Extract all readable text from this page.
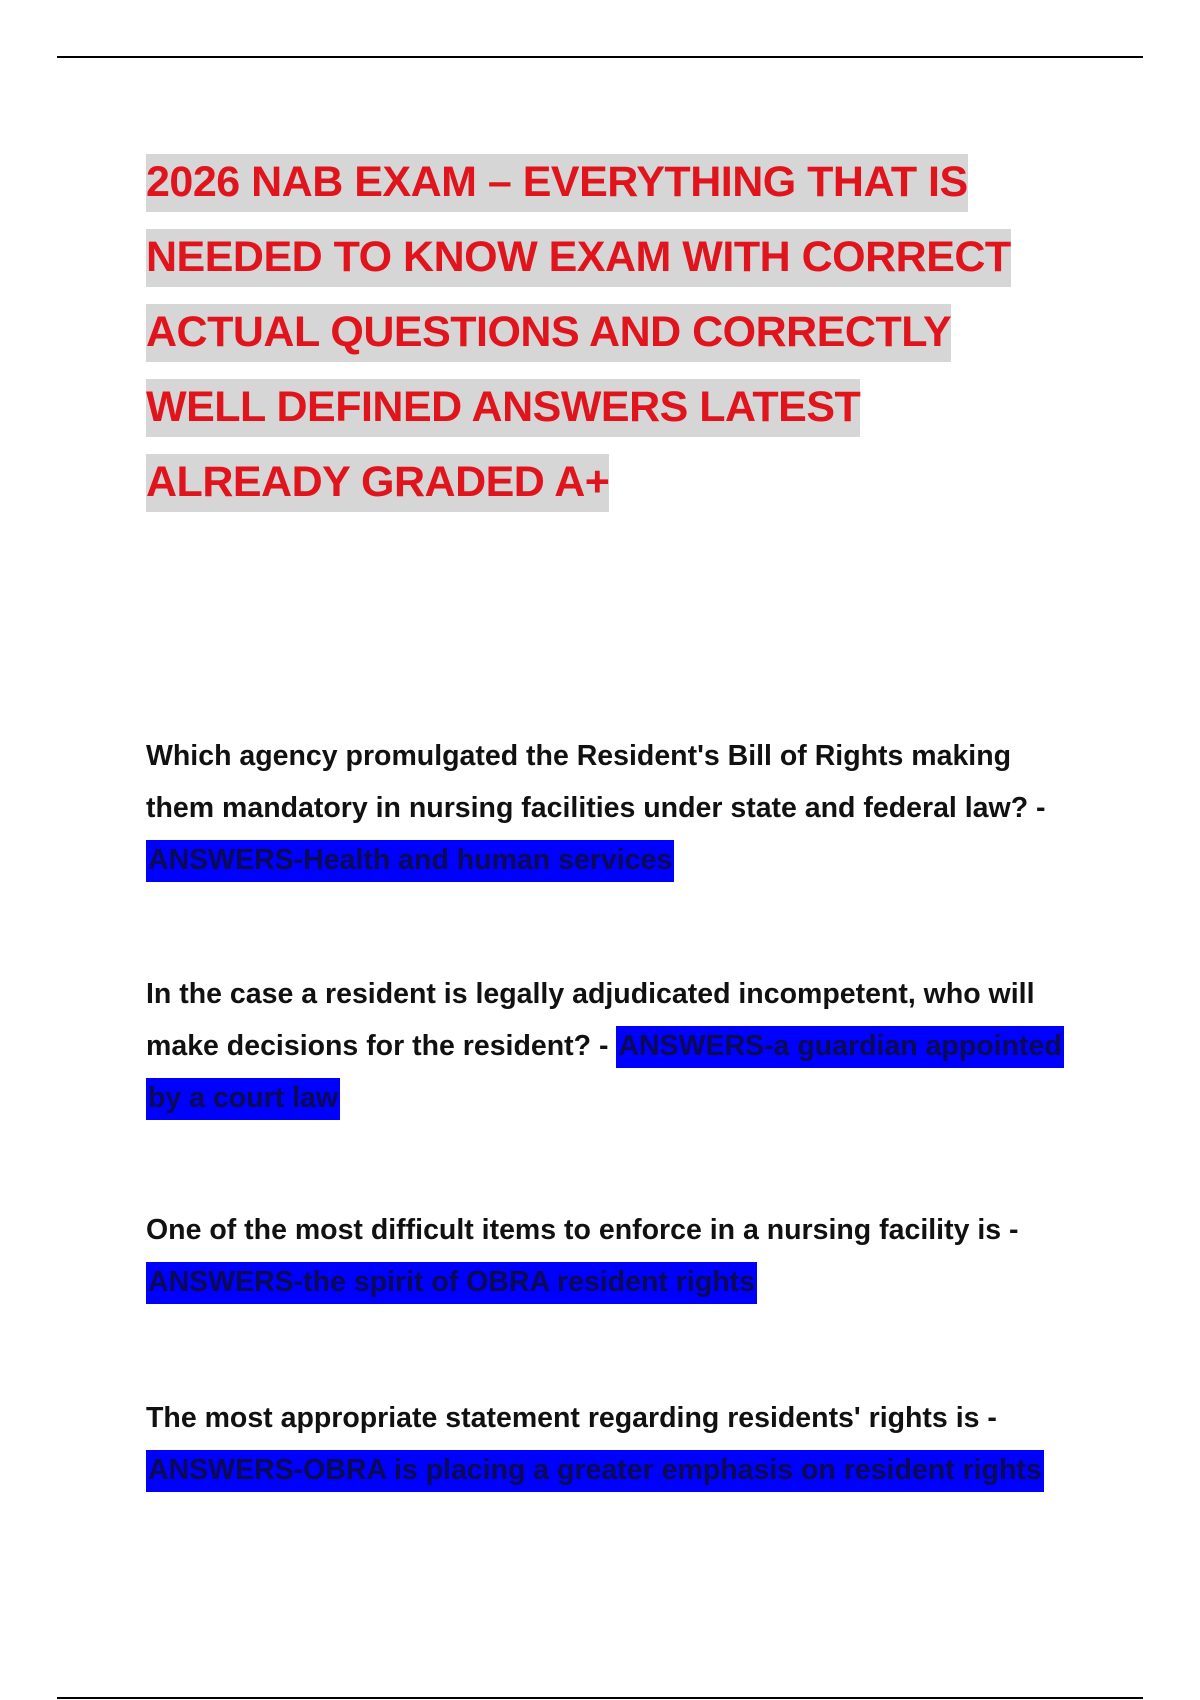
2026 NAB EXAM – EVERYTHING THAT IS NEEDED TO KNOW EXAM WITH CORRECT ACTUAL QUESTIONS AND CORRECTLY WELL DEFINED ANSWERS LATEST ALREADY GRADED A+

Which agency promulgated the Resident's Bill of Rights making them mandatory in nursing facilities under state and federal law? - ANSWERS-Health and human services

In the case a resident is legally adjudicated incompetent, who will make decisions for the resident? - ANSWERS-a guardian appointed by a court law

One of the most difficult items to enforce in a nursing facility is - ANSWERS-the spirit of OBRA resident rights

The most appropriate statement regarding residents' rights is - ANSWERS-OBRA is placing a greater emphasis on resident rights
